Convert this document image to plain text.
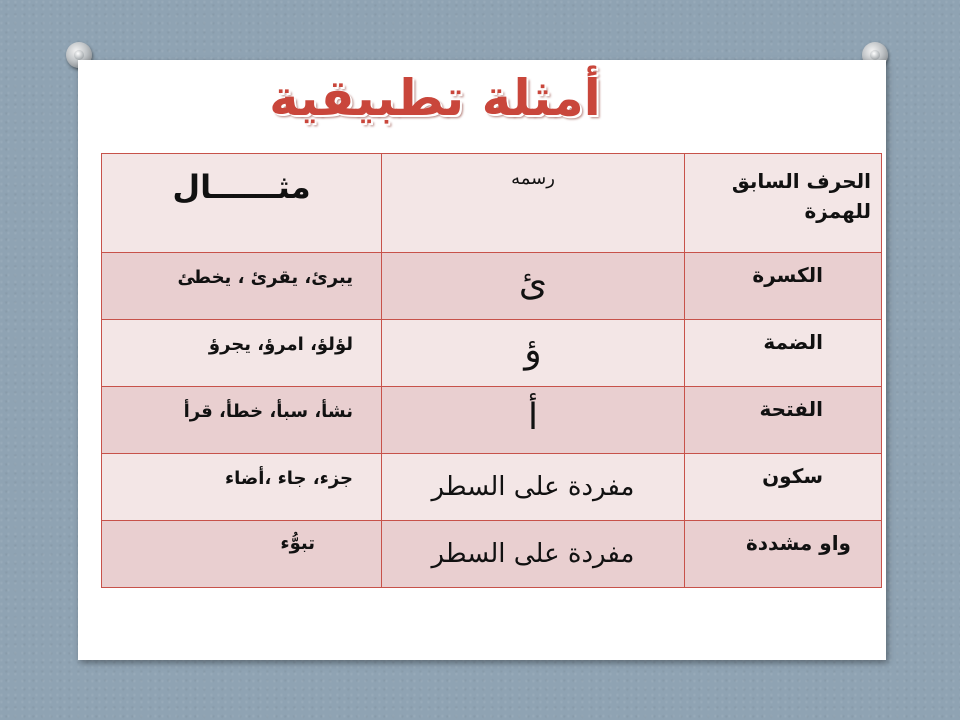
أمثلة تطبيقية
الحرف السابق للهمزة	رسمه	مثــــــال

الكسرة	ئ	يبرئ، يقرئ ، يخطئ

الضمة	ؤ	لؤلؤ، امرؤ، يجرؤ

الفتحة	أ	نشأ، سبأ، خطأ، قرأ

سكون	مفردة على السطر	جزء، جاء ،أضاء

واو مشددة	مفردة على السطر	تبوُّء
